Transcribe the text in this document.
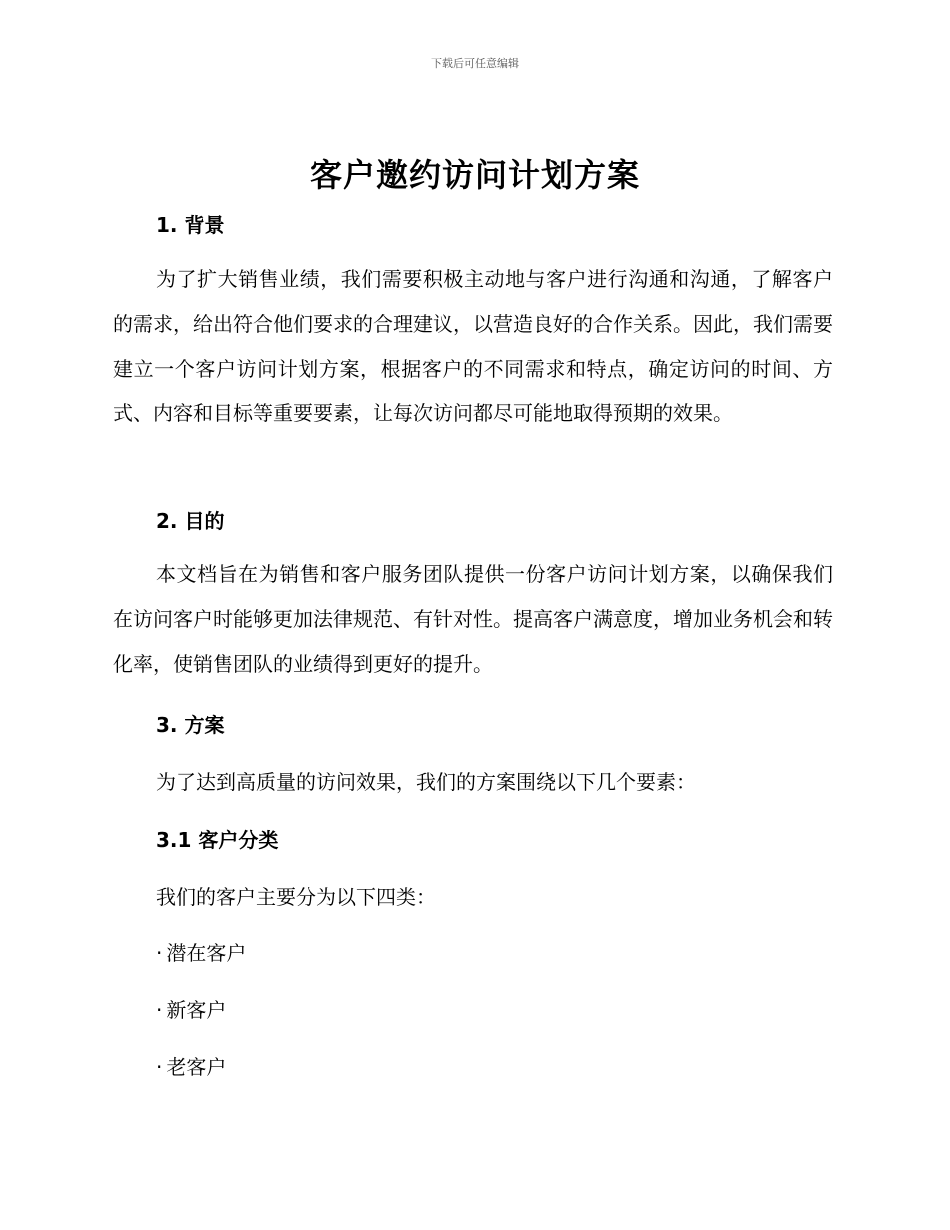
下载后可任意编辑
客户邀约访问计划方案
1. 背景
为了扩大销售业绩，我们需要积极主动地与客户进行沟通和沟通，了解客户的需求，给出符合他们要求的合理建议，以营造良好的合作关系。因此，我们需要建立一个客户访问计划方案，根据客户的不同需求和特点，确定访问的时间、方式、内容和目标等重要要素，让每次访问都尽可能地取得预期的效果。
2. 目的
本文档旨在为销售和客户服务团队提供一份客户访问计划方案，以确保我们在访问客户时能够更加法律规范、有针对性。提高客户满意度，增加业务机会和转化率，使销售团队的业绩得到更好的提升。
3. 方案
为了达到高质量的访问效果，我们的方案围绕以下几个要素：
3.1 客户分类
我们的客户主要分为以下四类：
· 潜在客户
· 新客户
· 老客户
